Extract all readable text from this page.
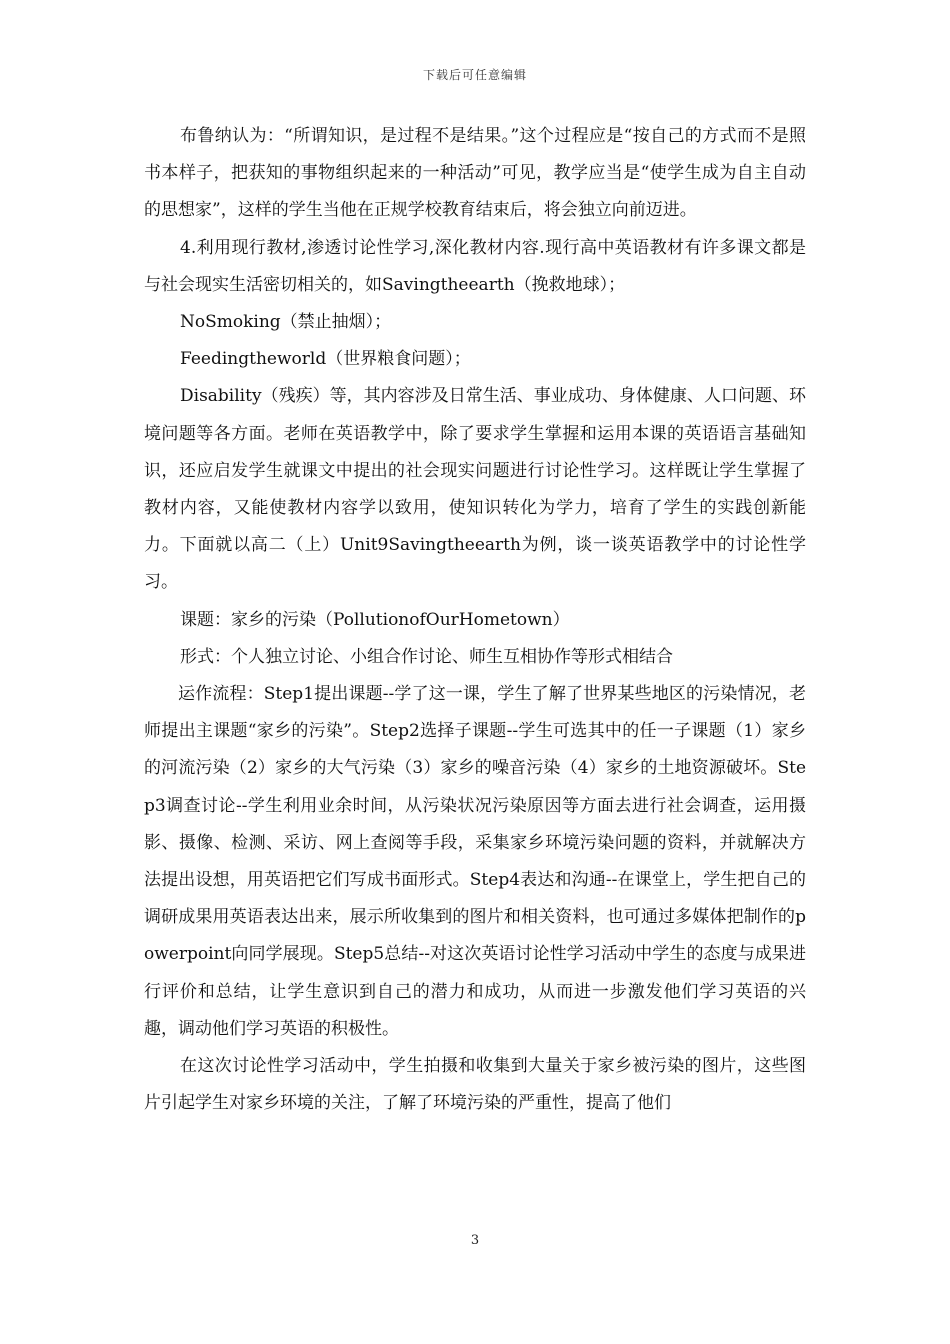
下载后可任意编辑

布鲁纳认为：“所谓知识，是过程不是结果。”这个过程应是“按自己的方式而不是照书本样子，把获知的事物组织起来的一种活动”可见，教学应当是“使学生成为自主自动的思想家”，这样的学生当他在正规学校教育结束后，将会独立向前迈进。

4.利用现行教材,渗透讨论性学习,深化教材内容.现行高中英语教材有许多课文都是与社会现实生活密切相关的，如Savingtheearth（挽救地球）；

NoSmoking（禁止抽烟）；

Feedingtheworld（世界粮食问题）；

Disability（残疾）等，其内容涉及日常生活、事业成功、身体健康、人口问题、环境问题等各方面。老师在英语教学中，除了要求学生掌握和运用本课的英语语言基础知识，还应启发学生就课文中提出的社会现实问题进行讨论性学习。这样既让学生掌握了教材内容，又能使教材内容学以致用，使知识转化为学力，培育了学生的实践创新能力。下面就以高二（上）Unit9Savingtheearth为例，谈一谈英语教学中的讨论性学习。

课题：家乡的污染（PollutionofOurHometown）

形式：个人独立讨论、小组合作讨论、师生互相协作等形式相结合

运作流程：Step1提出课题--学了这一课，学生了解了世界某些地区的污染情况，老师提出主课题“家乡的污染”。Step2选择子课题--学生可选其中的任一子课题（1）家乡的河流污染（2）家乡的大气污染（3）家乡的噪音污染（4）家乡的土地资源破坏。Step3调查讨论--学生利用业余时间，从污染状况污染原因等方面去进行社会调查，运用摄影、摄像、检测、采访、网上查阅等手段，采集家乡环境污染问题的资料，并就解决方法提出设想，用英语把它们写成书面形式。Step4表达和沟通--在课堂上，学生把自己的调研成果用英语表达出来，展示所收集到的图片和相关资料，也可通过多媒体把制作的powerpoint向同学展现。Step5总结--对这次英语讨论性学习活动中学生的态度与成果进行评价和总结，让学生意识到自己的潜力和成功，从而进一步激发他们学习英语的兴趣，调动他们学习英语的积极性。

在这次讨论性学习活动中，学生拍摄和收集到大量关于家乡被污染的图片，这些图片引起学生对家乡环境的关注，了解了环境污染的严重性，提高了他们

3
